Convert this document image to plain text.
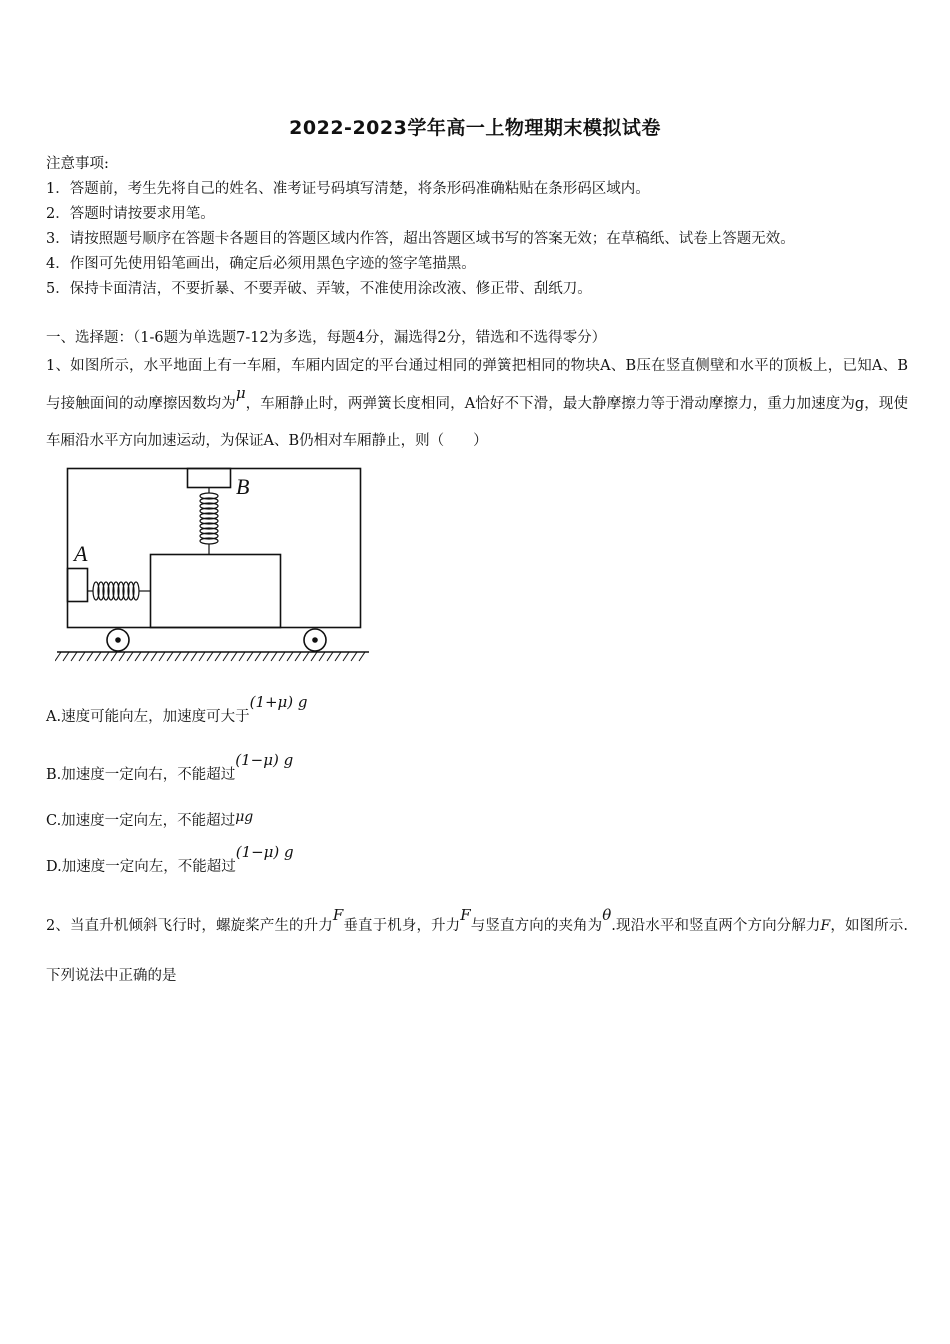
2022-2023学年高一上物理期末模拟试卷
注意事项:
1．答题前，考生先将自己的姓名、准考证号码填写清楚，将条形码准确粘贴在条形码区域内。
2．答题时请按要求用笔。
3．请按照题号顺序在答题卡各题目的答题区域内作答，超出答题区域书写的答案无效；在草稿纸、试卷上答题无效。
4．作图可先使用铅笔画出，确定后必须用黑色字迹的签字笔描黑。
5．保持卡面清洁，不要折暴、不要弄破、弄皱，不准使用涂改液、修正带、刮纸刀。
一、选择题：（1-6题为单选题7-12为多选，每题4分，漏选得2分，错选和不选得零分）
1、如图所示，水平地面上有一车厢，车厢内固定的平台通过相同的弹簧把相同的物块A、B压在竖直侧壁和水平的顶板上，已知A、B与接触面间的动摩擦因数均为μ，车厢静止时，两弹簧长度相同，A恰好不下滑，最大静摩擦力等于滑动摩擦力，重力加速度为g，现使车厢沿水平方向加速运动，为保证A、B仍相对车厢静止，则（　　）
B
A
A.速度可能向左，加速度可大于(1+μ) g
B.加速度一定向右，不能超过(1−μ) g
C.加速度一定向左，不能超过μg
D.加速度一定向左，不能超过(1−μ) g
2、当直升机倾斜飞行时，螺旋桨产生的升力F垂直于机身，升力F与竖直方向的夹角为θ.现沿水平和竖直两个方向分解力F，如图所示.下列说法中正确的是
